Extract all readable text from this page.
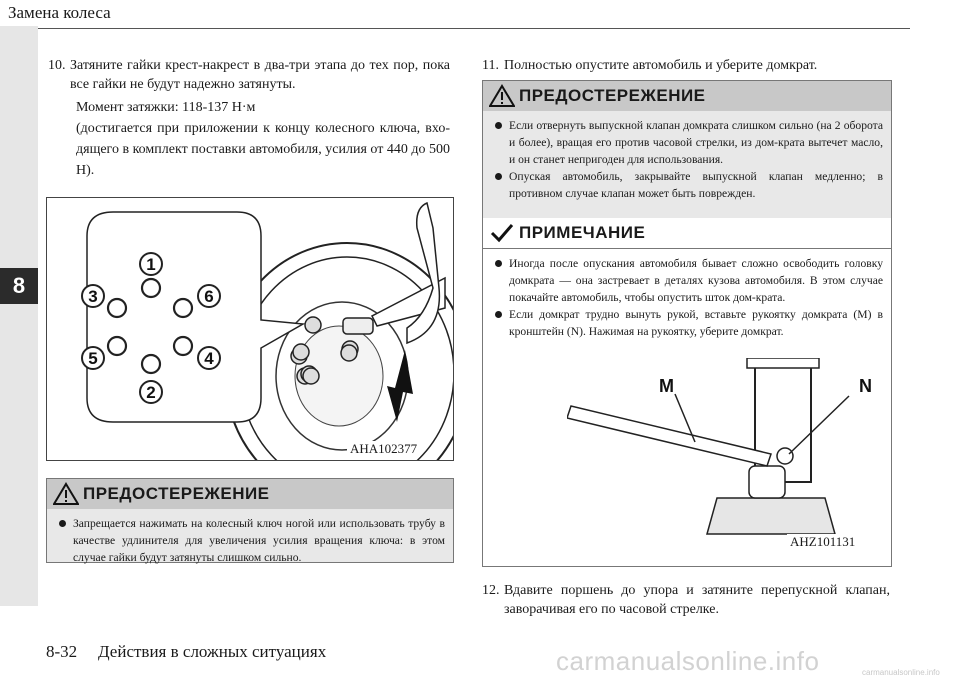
8
Замена колеса
10. Затяните гайки крест-накрест в два-три этапа до тех пор, пока все гайки не будут надежно затянуты.
Момент затяжки: 118-137 Н·м
(достигается при приложении к концу колесного ключа, вхо-дящего в комплект поставки автомобиля, усилия от 440 до 500 Н).
1
2
3
4
5
6
AHA102377
ПРЕДОСТЕРЕЖЕНИЕ
Запрещается нажимать на колесный ключ ногой или использовать трубу в качестве удлинителя для увеличения усилия вращения ключа: в этом случае гайки будут затянуты слишком сильно.
11. Полностью опустите автомобиль и уберите домкрат.
ПРЕДОСТЕРЕЖЕНИЕ
Если отвернуть выпускной клапан домкрата слишком сильно (на 2 оборота и более), вращая его против часовой стрелки, из дом-крата вытечет масло, и он станет непригоден для использования.
Опуская автомобиль, закрывайте выпускной клапан медленно; в противном случае клапан может быть поврежден.
ПРИМЕЧАНИЕ
Иногда после опускания автомобиля бывает сложно освободить головку домкрата — она застревает в деталях кузова автомобиля. В этом случае покачайте автомобиль, чтобы опустить шток дом-крата.
Если домкрат трудно вынуть рукой, вставьте рукоятку домкрата (M) в кронштейн (N). Нажимая на рукоятку, уберите домкрат.
M	N
AHZ101131
12. Вдавите поршень до упора и затяните перепускной клапан, заворачивая его по часовой стрелке.
8-32 Действия в сложных ситуациях	carmanualsonline.info	carmanualsonline.info
